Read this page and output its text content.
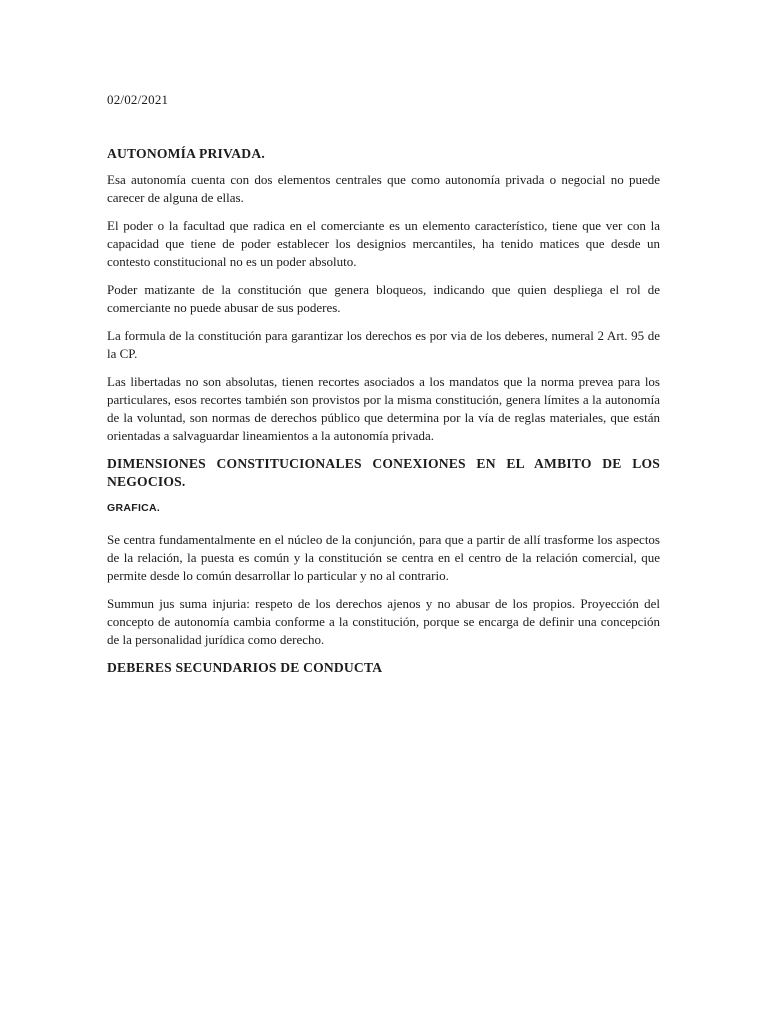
02/02/2021
AUTONOMÍA PRIVADA.

Esa autonomía cuenta con dos elementos centrales que como autonomía privada o negocial no puede carecer de alguna de ellas.

El poder o la facultad que radica en el comerciante es un elemento característico, tiene que ver con la capacidad que tiene de poder establecer los designios mercantiles, ha tenido matices que desde un contesto constitucional no es un poder absoluto.

Poder matizante de la constitución que genera bloqueos, indicando que quien despliega el rol de comerciante no puede abusar de sus poderes.

La formula de la constitución para garantizar los derechos es por via de los deberes, numeral 2 Art. 95 de la CP.

Las libertadas no son absolutas, tienen recortes asociados a los mandatos que la norma prevea para los particulares, esos recortes también son provistos por la misma constitución, genera límites a la autonomía de la voluntad, son normas de derechos público que determina por la vía de reglas materiales, que están orientadas a salvaguardar lineamientos a la autonomía privada.

DIMENSIONES CONSTITUCIONALES CONEXIONES EN EL AMBITO DE LOS NEGOCIOS.
GRAFICA.

Se centra fundamentalmente en el núcleo de la conjunción, para que a partir de allí trasforme los aspectos de la relación, la puesta es común y la constitución se centra en el centro de la relación comercial, que permite desde lo común desarrollar lo particular y no al contrario.

Summun jus suma injuria: respeto de los derechos ajenos y no abusar de los propios. Proyección del concepto de autonomía cambia conforme a la constitución, porque se encarga de definir una concepción de la personalidad jurídica como derecho.

DEBERES SECUNDARIOS DE CONDUCTA
